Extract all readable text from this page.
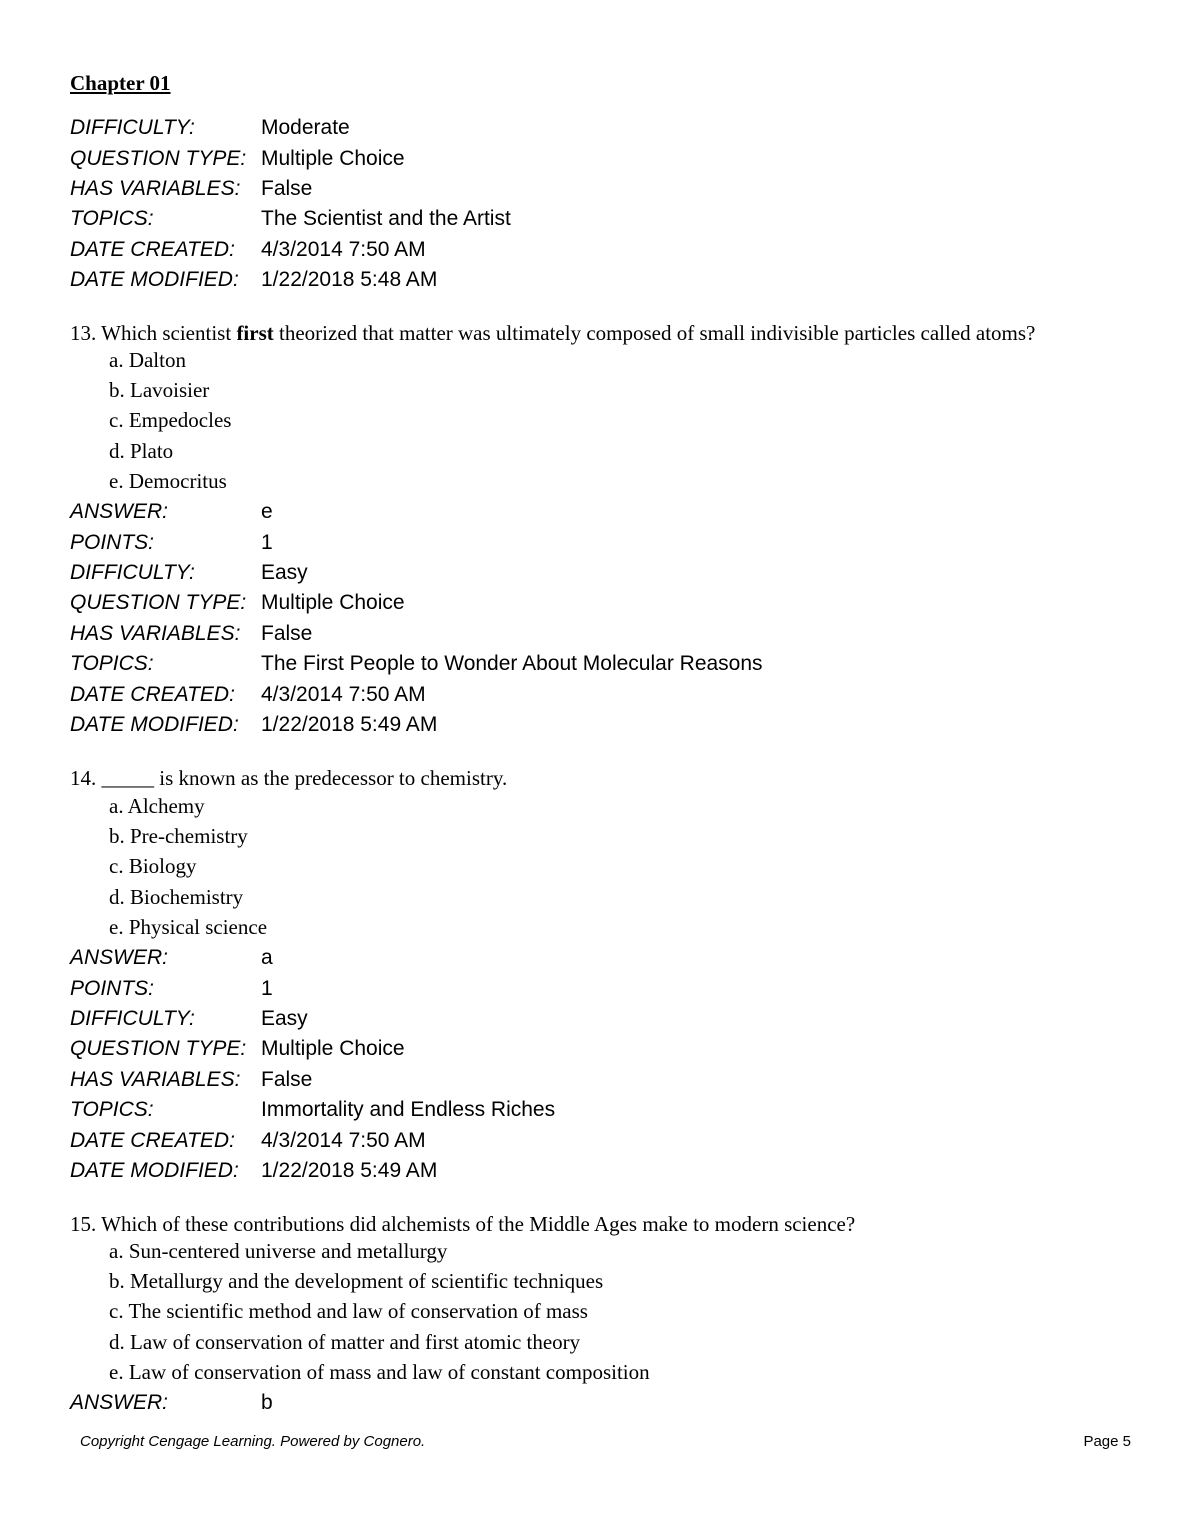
Chapter 01
DIFFICULTY:	Moderate
QUESTION TYPE: Multiple Choice
HAS VARIABLES: False
TOPICS:	The Scientist and the Artist
DATE CREATED:	4/3/2014 7:50 AM
DATE MODIFIED:	1/22/2018 5:48 AM
13. Which scientist first theorized that matter was ultimately composed of small indivisible particles called atoms?
a. Dalton
b. Lavoisier
c. Empedocles
d. Plato
e. Democritus
ANSWER:	e
POINTS:	1
DIFFICULTY:	Easy
QUESTION TYPE: Multiple Choice
HAS VARIABLES: False
TOPICS:	The First People to Wonder About Molecular Reasons
DATE CREATED:	4/3/2014 7:50 AM
DATE MODIFIED:	1/22/2018 5:49 AM
14. _____ is known as the predecessor to chemistry.
a. Alchemy
b. Pre-chemistry
c. Biology
d. Biochemistry
e. Physical science
ANSWER:	a
POINTS:	1
DIFFICULTY:	Easy
QUESTION TYPE: Multiple Choice
HAS VARIABLES: False
TOPICS:	Immortality and Endless Riches
DATE CREATED:	4/3/2014 7:50 AM
DATE MODIFIED:	1/22/2018 5:49 AM
15. Which of these contributions did alchemists of the Middle Ages make to modern science?
a. Sun-centered universe and metallurgy
b. Metallurgy and the development of scientific techniques
c. The scientific method and law of conservation of mass
d. Law of conservation of matter and first atomic theory
e. Law of conservation of mass and law of constant composition
ANSWER:	b
Copyright Cengage Learning. Powered by Cognero.	Page 5
